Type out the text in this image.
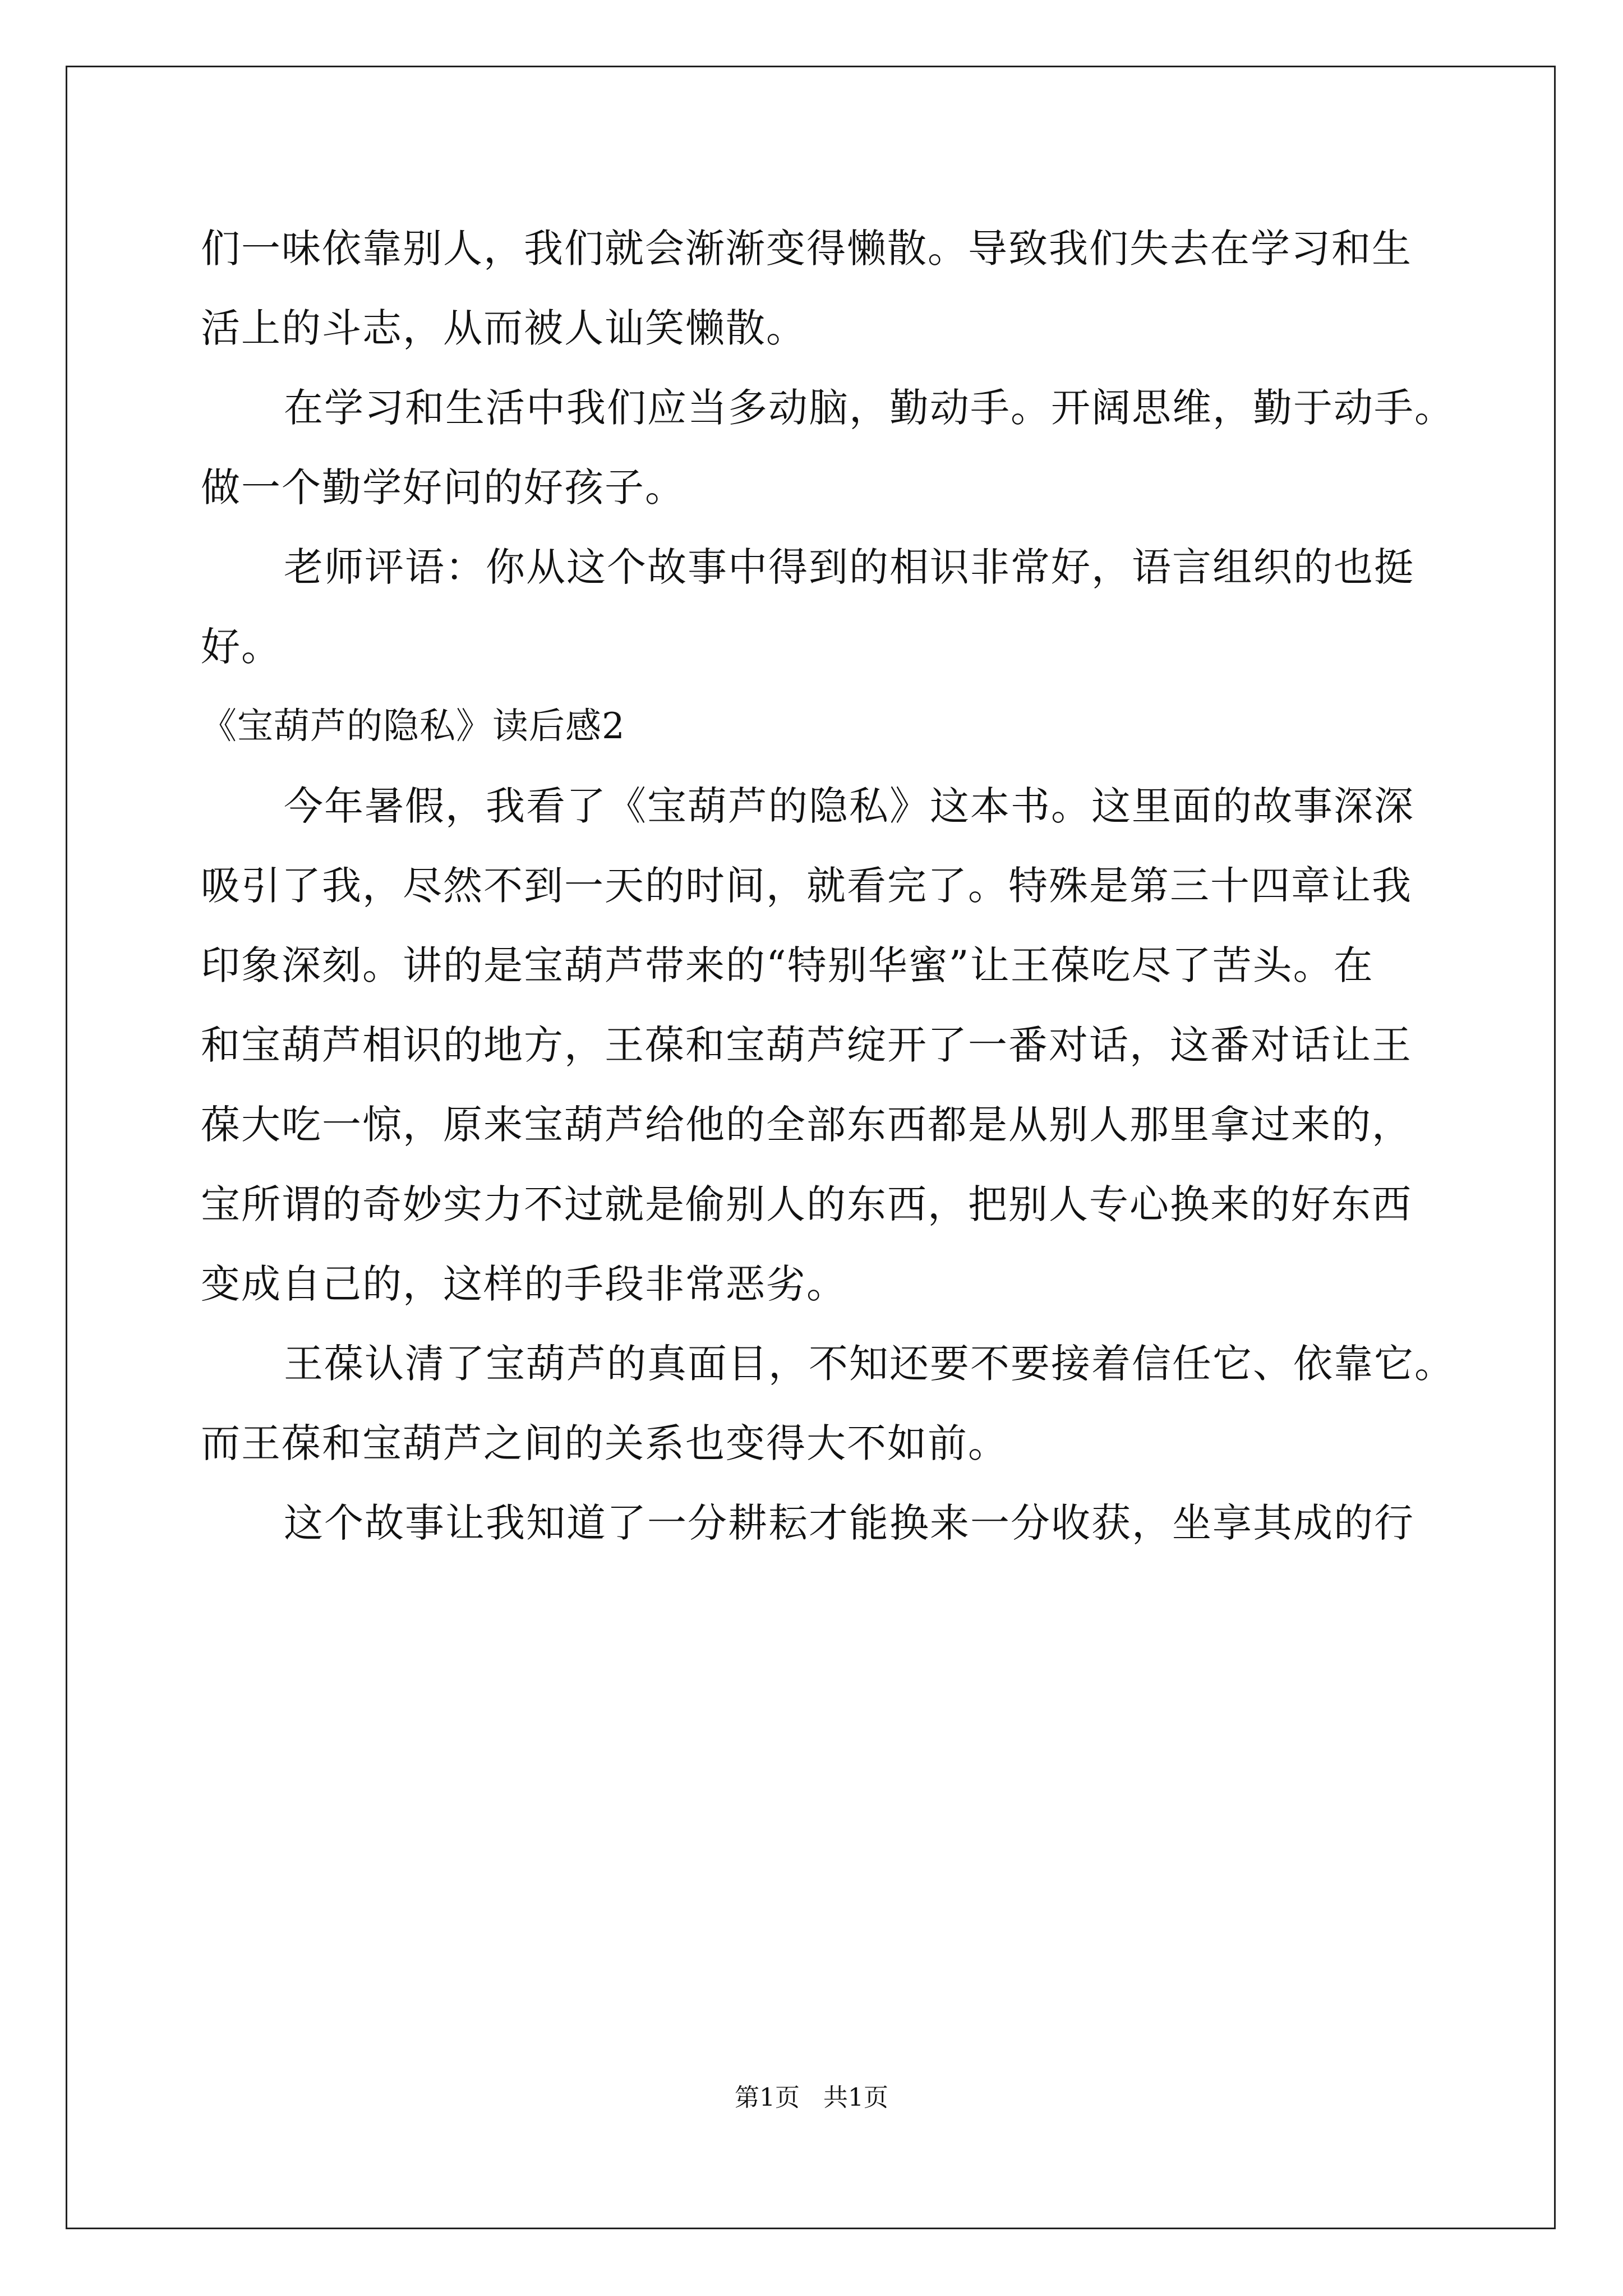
们一味依靠别人，我们就会渐渐变得懒散。导致我们失去在学习和生
活上的斗志，从而被人讪笑懒散。
在学习和生活中我们应当多动脑，勤动手。开阔思维，勤于动手。
做一个勤学好问的好孩子。
老师评语：你从这个故事中得到的相识非常好，语言组织的也挺
好。
《宝葫芦的隐私》读后感2
今年暑假，我看了《宝葫芦的隐私》这本书。这里面的故事深深
吸引了我，尽然不到一天的时间，就看完了。特殊是第三十四章让我
印象深刻。讲的是宝葫芦带来的“特别华蜜”让王葆吃尽了苦头。在
和宝葫芦相识的地方，王葆和宝葫芦绽开了一番对话，这番对话让王
葆大吃一惊，原来宝葫芦给他的全部东西都是从别人那里拿过来的，
宝所谓的奇妙实力不过就是偷别人的东西，把别人专心换来的好东西
变成自己的，这样的手段非常恶劣。
王葆认清了宝葫芦的真面目，不知还要不要接着信任它、依靠它。
而王葆和宝葫芦之间的关系也变得大不如前。
这个故事让我知道了一分耕耘才能换来一分收获，坐享其成的行
第1页 共1页
